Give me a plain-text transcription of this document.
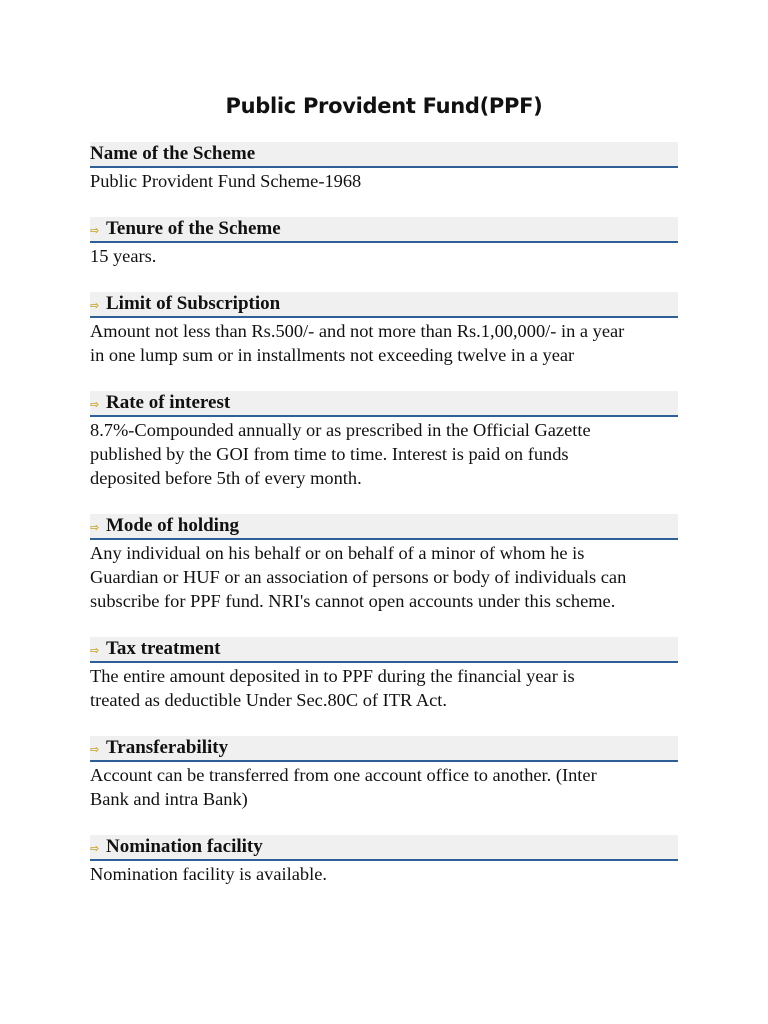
Public Provident Fund(PPF)
Name of the Scheme

Public Provident Fund Scheme-1968

⇨ Tenure of the Scheme

15 years.

⇨ Limit of Subscription

Amount not less than Rs.500/- and not more than Rs.1,00,000/- in a year

in one lump sum or in installments not exceeding twelve in a year

⇨ Rate of interest

8.7%-Compounded annually or as prescribed in the Official Gazette

published by the GOI from time to time. Interest is paid on funds

deposited before 5th of every month.

⇨ Mode of holding

Any individual on his behalf or on behalf of a minor of whom he is

Guardian or HUF or an association of persons or body of individuals can

subscribe for PPF fund. NRI's cannot open accounts under this scheme.

⇨ Tax treatment

The entire amount deposited in to PPF during the financial year is

treated as deductible Under Sec.80C of ITR Act.

⇨ Transferability

Account can be transferred from one account office to another. (Inter

Bank and intra Bank)

⇨ Nomination facility

Nomination facility is available.
